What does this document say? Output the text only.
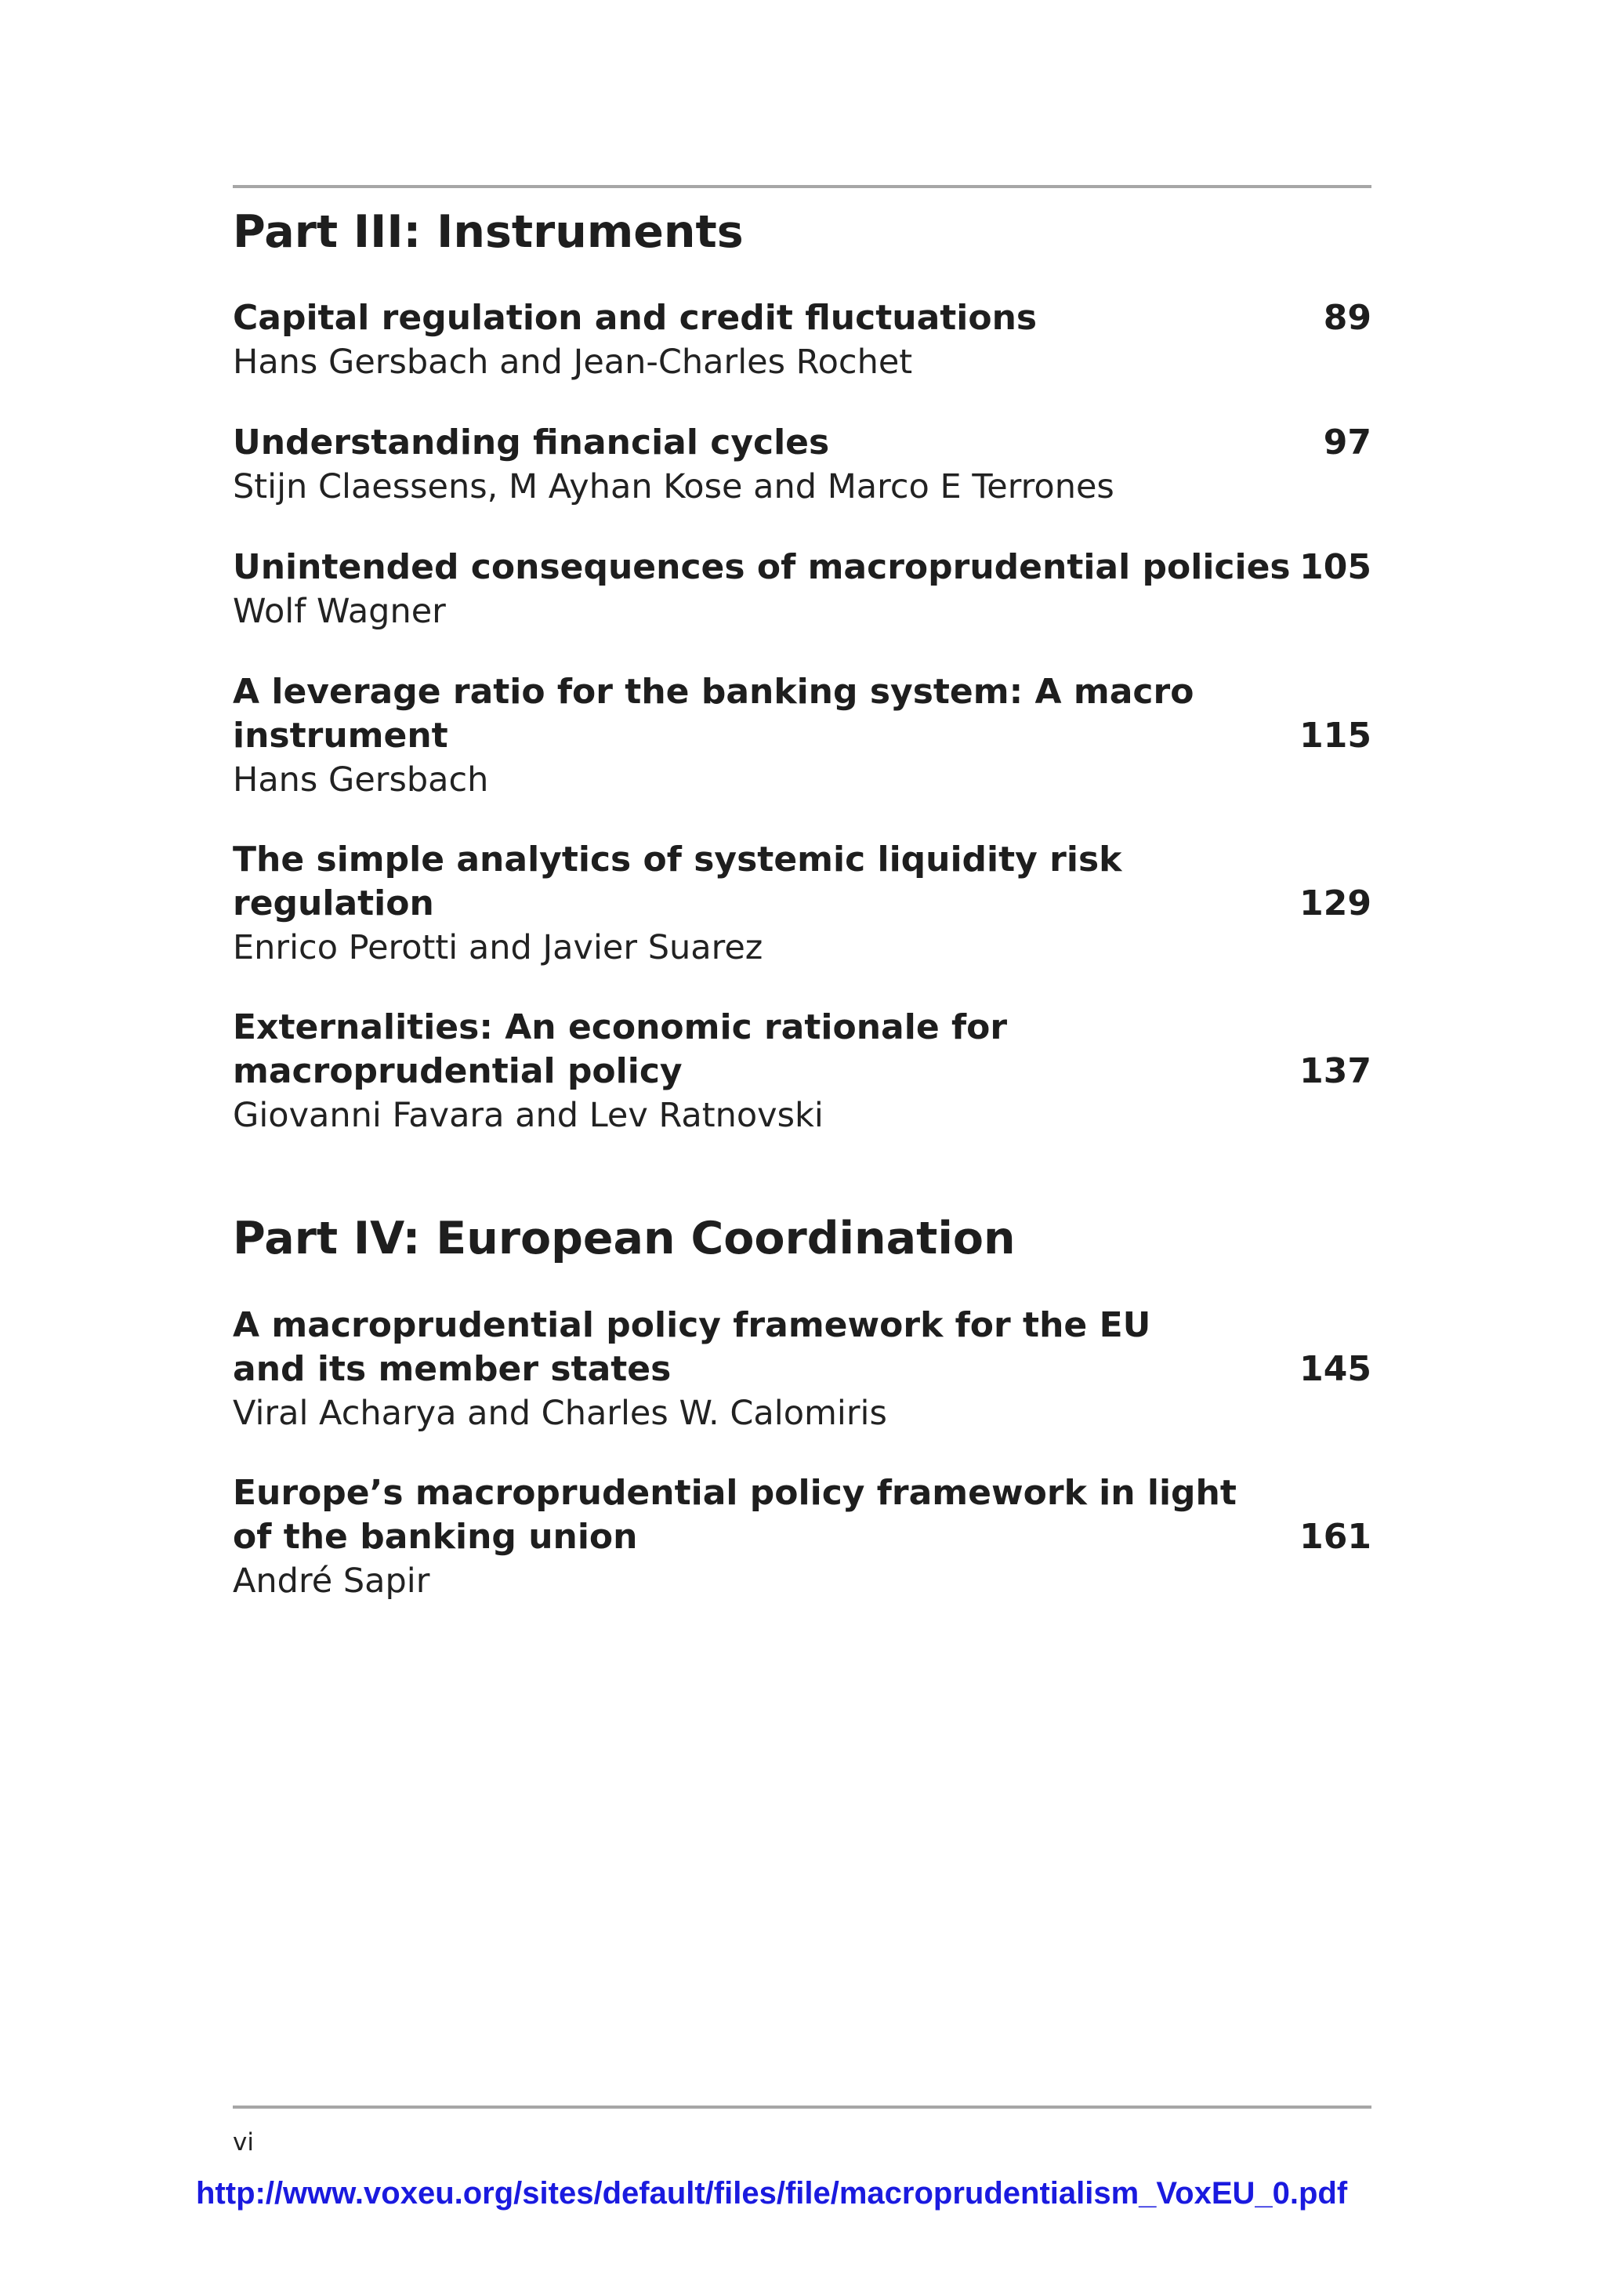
Part III: Instruments
Capital regulation and credit fluctuations
Hans Gersbach and Jean-Charles Rochet
89
Understanding financial cycles
Stijn Claessens, M Ayhan Kose and Marco E Terrones
97
Unintended consequences of macroprudential policies
Wolf Wagner
105
A leverage ratio for the banking system: A macro instrument
Hans Gersbach
115
The simple analytics of systemic liquidity risk regulation
Enrico Perotti and Javier Suarez
129
Externalities: An economic rationale for macroprudential policy
Giovanni Favara and Lev Ratnovski
137
Part IV: European Coordination
A macroprudential policy framework for the EU and its member states
Viral Acharya and Charles W. Calomiris
145
Europe’s macroprudential policy framework in light of the banking union
André Sapir
161
vi
http://www.voxeu.org/sites/default/files/file/macroprudentialism_VoxEU_0.pdf
